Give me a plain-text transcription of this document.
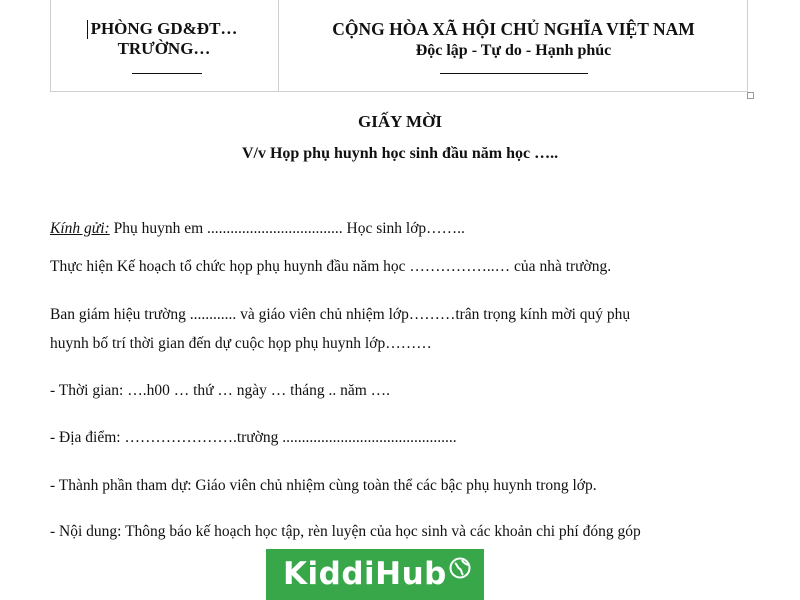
PHÒNG GD&ĐT…
TRƯỜNG…
CỘNG HÒA XÃ HỘI CHỦ NGHĨA VIỆT NAM
Độc lập - Tự do - Hạnh phúc
GIẤY MỜI
V/v Họp phụ huynh học sinh đầu năm học …..
Kính gửi: Phụ huynh em ................................... Học sinh lớp……..
Thực hiện Kế hoạch tổ chức họp phụ huynh đầu năm học ……………..… của nhà trường.
Ban giám hiệu trường ............ và giáo viên chủ nhiệm lớp………trân trọng kính mời quý phụ
huynh bố trí thời gian đến dự cuộc họp phụ huynh lớp………
- Thời gian: ….h00 … thứ … ngày … tháng .. năm ….
- Địa điểm: ………………….trường .............................................
- Thành phần tham dự: Giáo viên chủ nhiệm cùng toàn thể các bậc phụ huynh trong lớp.
- Nội dung: Thông báo kế hoạch học tập, rèn luyện của học sinh và các khoản chi phí đóng góp
KiddiHub
